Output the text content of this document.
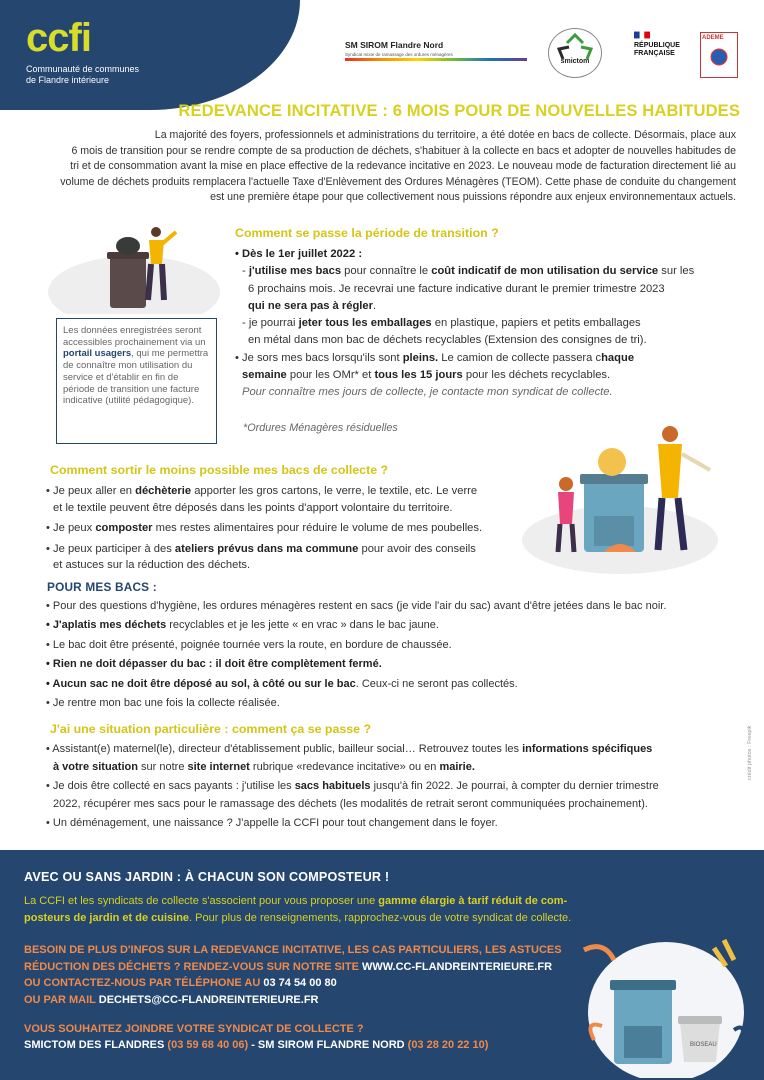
ccfi
Communauté de communes
de Flandre intérieure
SM SIROM Flandre Nord
Syndicat mixte de ramassage des ordures ménagères
smictom
RÉPUBLIQUE
FRANÇAISE
ADEME
REDEVANCE INCITATIVE : 6 MOIS POUR DE NOUVELLES HABITUDES
La majorité des foyers, professionnels et administrations du territoire, a été dotée en bacs de collecte. Désormais, place aux
6 mois de transition pour se rendre compte de sa production de déchets, s'habituer à la collecte en bacs et adopter de nouvelles habitudes de
tri et de consommation avant la mise en place effective de la redevance incitative en 2023. Le nouveau mode de facturation directement lié au
volume de déchets produits remplacera l'actuelle Taxe d'Enlèvement des Ordures Ménagères (TEOM). Cette phase de conduite du changement
est une première étape pour que collectivement nous puissions répondre aux enjeux environnementaux actuels.
Comment se passe la période de transition ?
• Dès le 1er juillet 2022 :
- j'utilise mes bacs pour connaître le coût indicatif de mon utilisation du service sur les
6 prochains mois. Je recevrai une facture indicative durant le premier trimestre 2023
qui ne sera pas à régler.
- je pourrai jeter tous les emballages en plastique, papiers et petits emballages
en métal dans mon bac de déchets recyclables (Extension des consignes de tri).
• Je sors mes bacs lorsqu'ils sont pleins. Le camion de collecte passera chaque
semaine pour les OMr* et tous les 15 jours pour les déchets recyclables.
Pour connaître mes jours de collecte, je contacte mon syndicat de collecte.
*Ordures Ménagères résiduelles
Les données enregistrées seront accessibles prochainement via un portail usagers, qui me permettra de connaître mon utilisation du service et d'établir en fin de période de transition une facture indicative (utilité pédagogique).
Comment sortir le moins possible mes bacs de collecte ?
• Je peux aller en déchèterie apporter les gros cartons, le verre, le textile, etc. Le verre
et le textile peuvent être déposés dans les points d'apport volontaire du territoire.
• Je peux composter mes restes alimentaires pour réduire le volume de mes poubelles.
• Je peux participer à des ateliers prévus dans ma commune pour avoir des conseils
et astuces sur la réduction des déchets.
POUR MES BACS :
• Pour des questions d'hygiène, les ordures ménagères restent en sacs (je vide l'air du sac) avant d'être jetées dans le bac noir.
• J'aplatis mes déchets recyclables et je les jette « en vrac » dans le bac jaune.
• Le bac doit être présenté, poignée tournée vers la route, en bordure de chaussée.
• Rien ne doit dépasser du bac : il doit être complètement fermé.
• Aucun sac ne doit être déposé au sol, à côté ou sur le bac. Ceux-ci ne seront pas collectés.
• Je rentre mon bac une fois la collecte réalisée.
J'ai une situation particulière : comment ça se passe ?
• Assistant(e) maternel(le), directeur d'établissement public, bailleur social… Retrouvez toutes les informations spécifiques
à votre situation sur notre site internet rubrique «redevance incitative» ou en mairie.
• Je dois être collecté en sacs payants : j'utilise les sacs habituels jusqu'à fin 2022. Je pourrai, à compter du dernier trimestre
2022, récupérer mes sacs pour le ramassage des déchets (les modalités de retrait seront communiquées prochainement).
• Un déménagement, une naissance ? J'appelle la CCFI pour tout changement dans le foyer.
crédit photos : Freepik
AVEC OU SANS JARDIN : À CHACUN SON COMPOSTEUR !
La CCFI et les syndicats de collecte s'associent pour vous proposer une gamme élargie à tarif réduit de com-
posteurs de jardin et de cuisine. Pour plus de renseignements, rapprochez-vous de votre syndicat de collecte.
BESOIN DE PLUS D'INFOS SUR LA REDEVANCE INCITATIVE, LES CAS PARTICULIERS, LES ASTUCES
RÉDUCTION DES DÉCHETS ? RENDEZ-VOUS SUR NOTRE SITE WWW.CC-FLANDREINTERIEURE.FR
OU CONTACTEZ-NOUS PAR TÉLÉPHONE AU 03 74 54 00 80
OU PAR MAIL DECHETS@CC-FLANDREINTERIEURE.FR
VOUS SOUHAITEZ JOINDRE VOTRE SYNDICAT DE COLLECTE ?
SMICTOM DES FLANDRES (03 59 68 40 06) - SM SIROM FLANDRE NORD (03 28 20 22 10)	BIOSEAU
